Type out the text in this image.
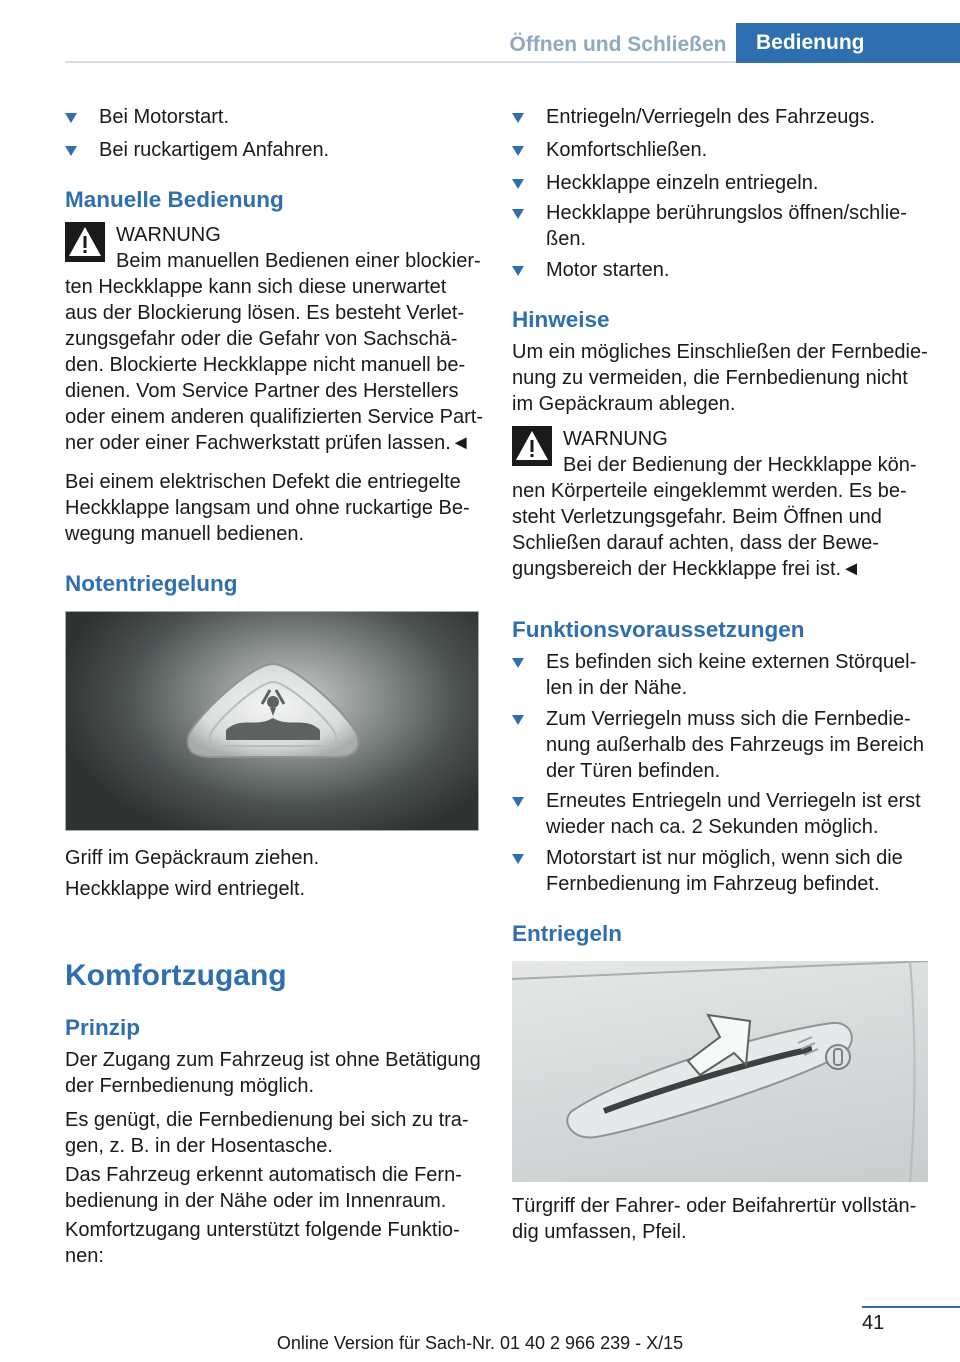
Öffnen und Schließen	Bedienung
Bei Motorstart.
Bei ruckartigem Anfahren.
Manuelle Bedienung
WARNUNG
Beim manuellen Bedienen einer blockier-ten Heckklappe kann sich diese unerwartet aus der Blockierung lösen. Es besteht Verlet-zungsgefahr oder die Gefahr von Sachschä-den. Blockierte Heckklappe nicht manuell be-dienen. Vom Service Partner des Herstellers oder einem anderen qualifizierten Service Part-ner oder einer Fachwerkstatt prüfen lassen.◄
Bei einem elektrischen Defekt die entriegelte Heckklappe langsam und ohne ruckartige Be-wegung manuell bedienen.
Notentriegelung
Griff im Gepäckraum ziehen.
Heckklappe wird entriegelt.
Komfortzugang
Prinzip
Der Zugang zum Fahrzeug ist ohne Betätigung der Fernbedienung möglich.
Es genügt, die Fernbedienung bei sich zu tra-gen, z. B. in der Hosentasche.
Das Fahrzeug erkennt automatisch die Fern-bedienung in der Nähe oder im Innenraum.
Komfortzugang unterstützt folgende Funktio-nen:
Entriegeln/Verriegeln des Fahrzeugs.
Komfortschließen.
Heckklappe einzeln entriegeln.
Heckklappe berührungslos öffnen/schlie-ßen.
Motor starten.
Hinweise
Um ein mögliches Einschließen der Fernbedie-nung zu vermeiden, die Fernbedienung nicht im Gepäckraum ablegen.
WARNUNG
Bei der Bedienung der Heckklappe kön-nen Körperteile eingeklemmt werden. Es be-steht Verletzungsgefahr. Beim Öffnen und Schließen darauf achten, dass der Bewe-gungsbereich der Heckklappe frei ist.◄
Funktionsvoraussetzungen
Es befinden sich keine externen Störquel-len in der Nähe.
Zum Verriegeln muss sich die Fernbedie-nung außerhalb des Fahrzeugs im Bereich der Türen befinden.
Erneutes Entriegeln und Verriegeln ist erst wieder nach ca. 2 Sekunden möglich.
Motorstart ist nur möglich, wenn sich die Fernbedienung im Fahrzeug befindet.
Entriegeln
Türgriff der Fahrer- oder Beifahrertür vollstän-dig umfassen, Pfeil.
41
Online Version für Sach-Nr. 01 40 2 966 239 - X/15
